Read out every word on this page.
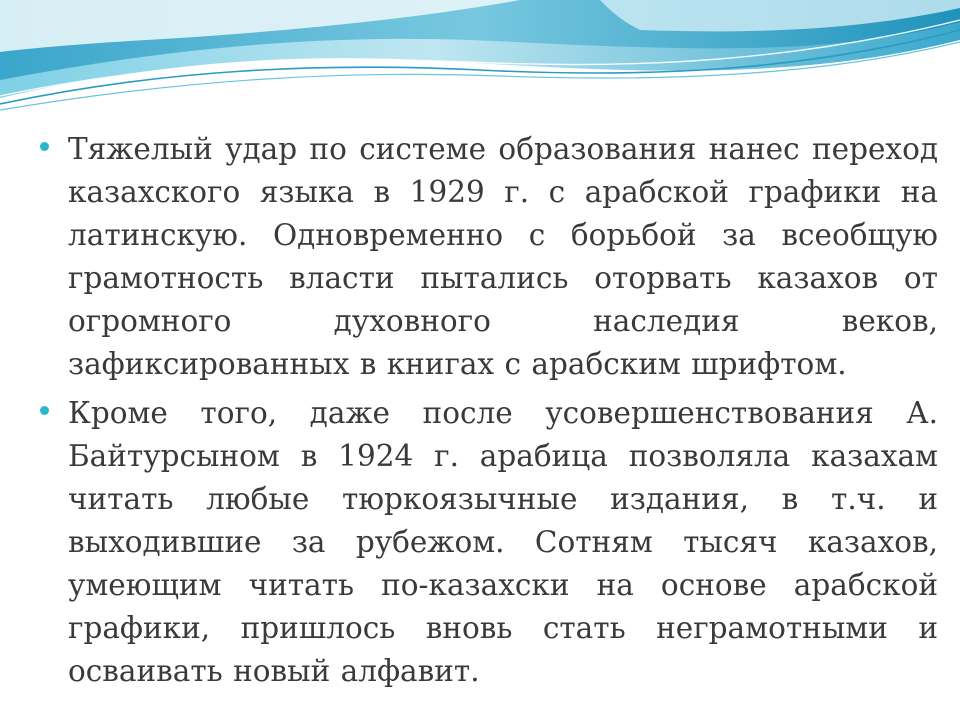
Тяжелый удар по системе образования нанес переход казахского языка в 1929 г. с арабской графики на латинскую. Одновременно с борьбой за всеобщую грамотность власти пытались оторвать казахов от огромного духовного наследия веков, зафиксированных в книгах с арабским шрифтом.
Кроме того, даже после усовершенствования А. Байтурсыном в 1924 г. арабица позволяла казахам читать любые тюркоязычные издания, в т.ч. и выходившие за рубежом. Сотням тысяч казахов, умеющим читать по-казахски на основе арабской графики, пришлось вновь стать неграмотными и осваивать новый алфавит.
